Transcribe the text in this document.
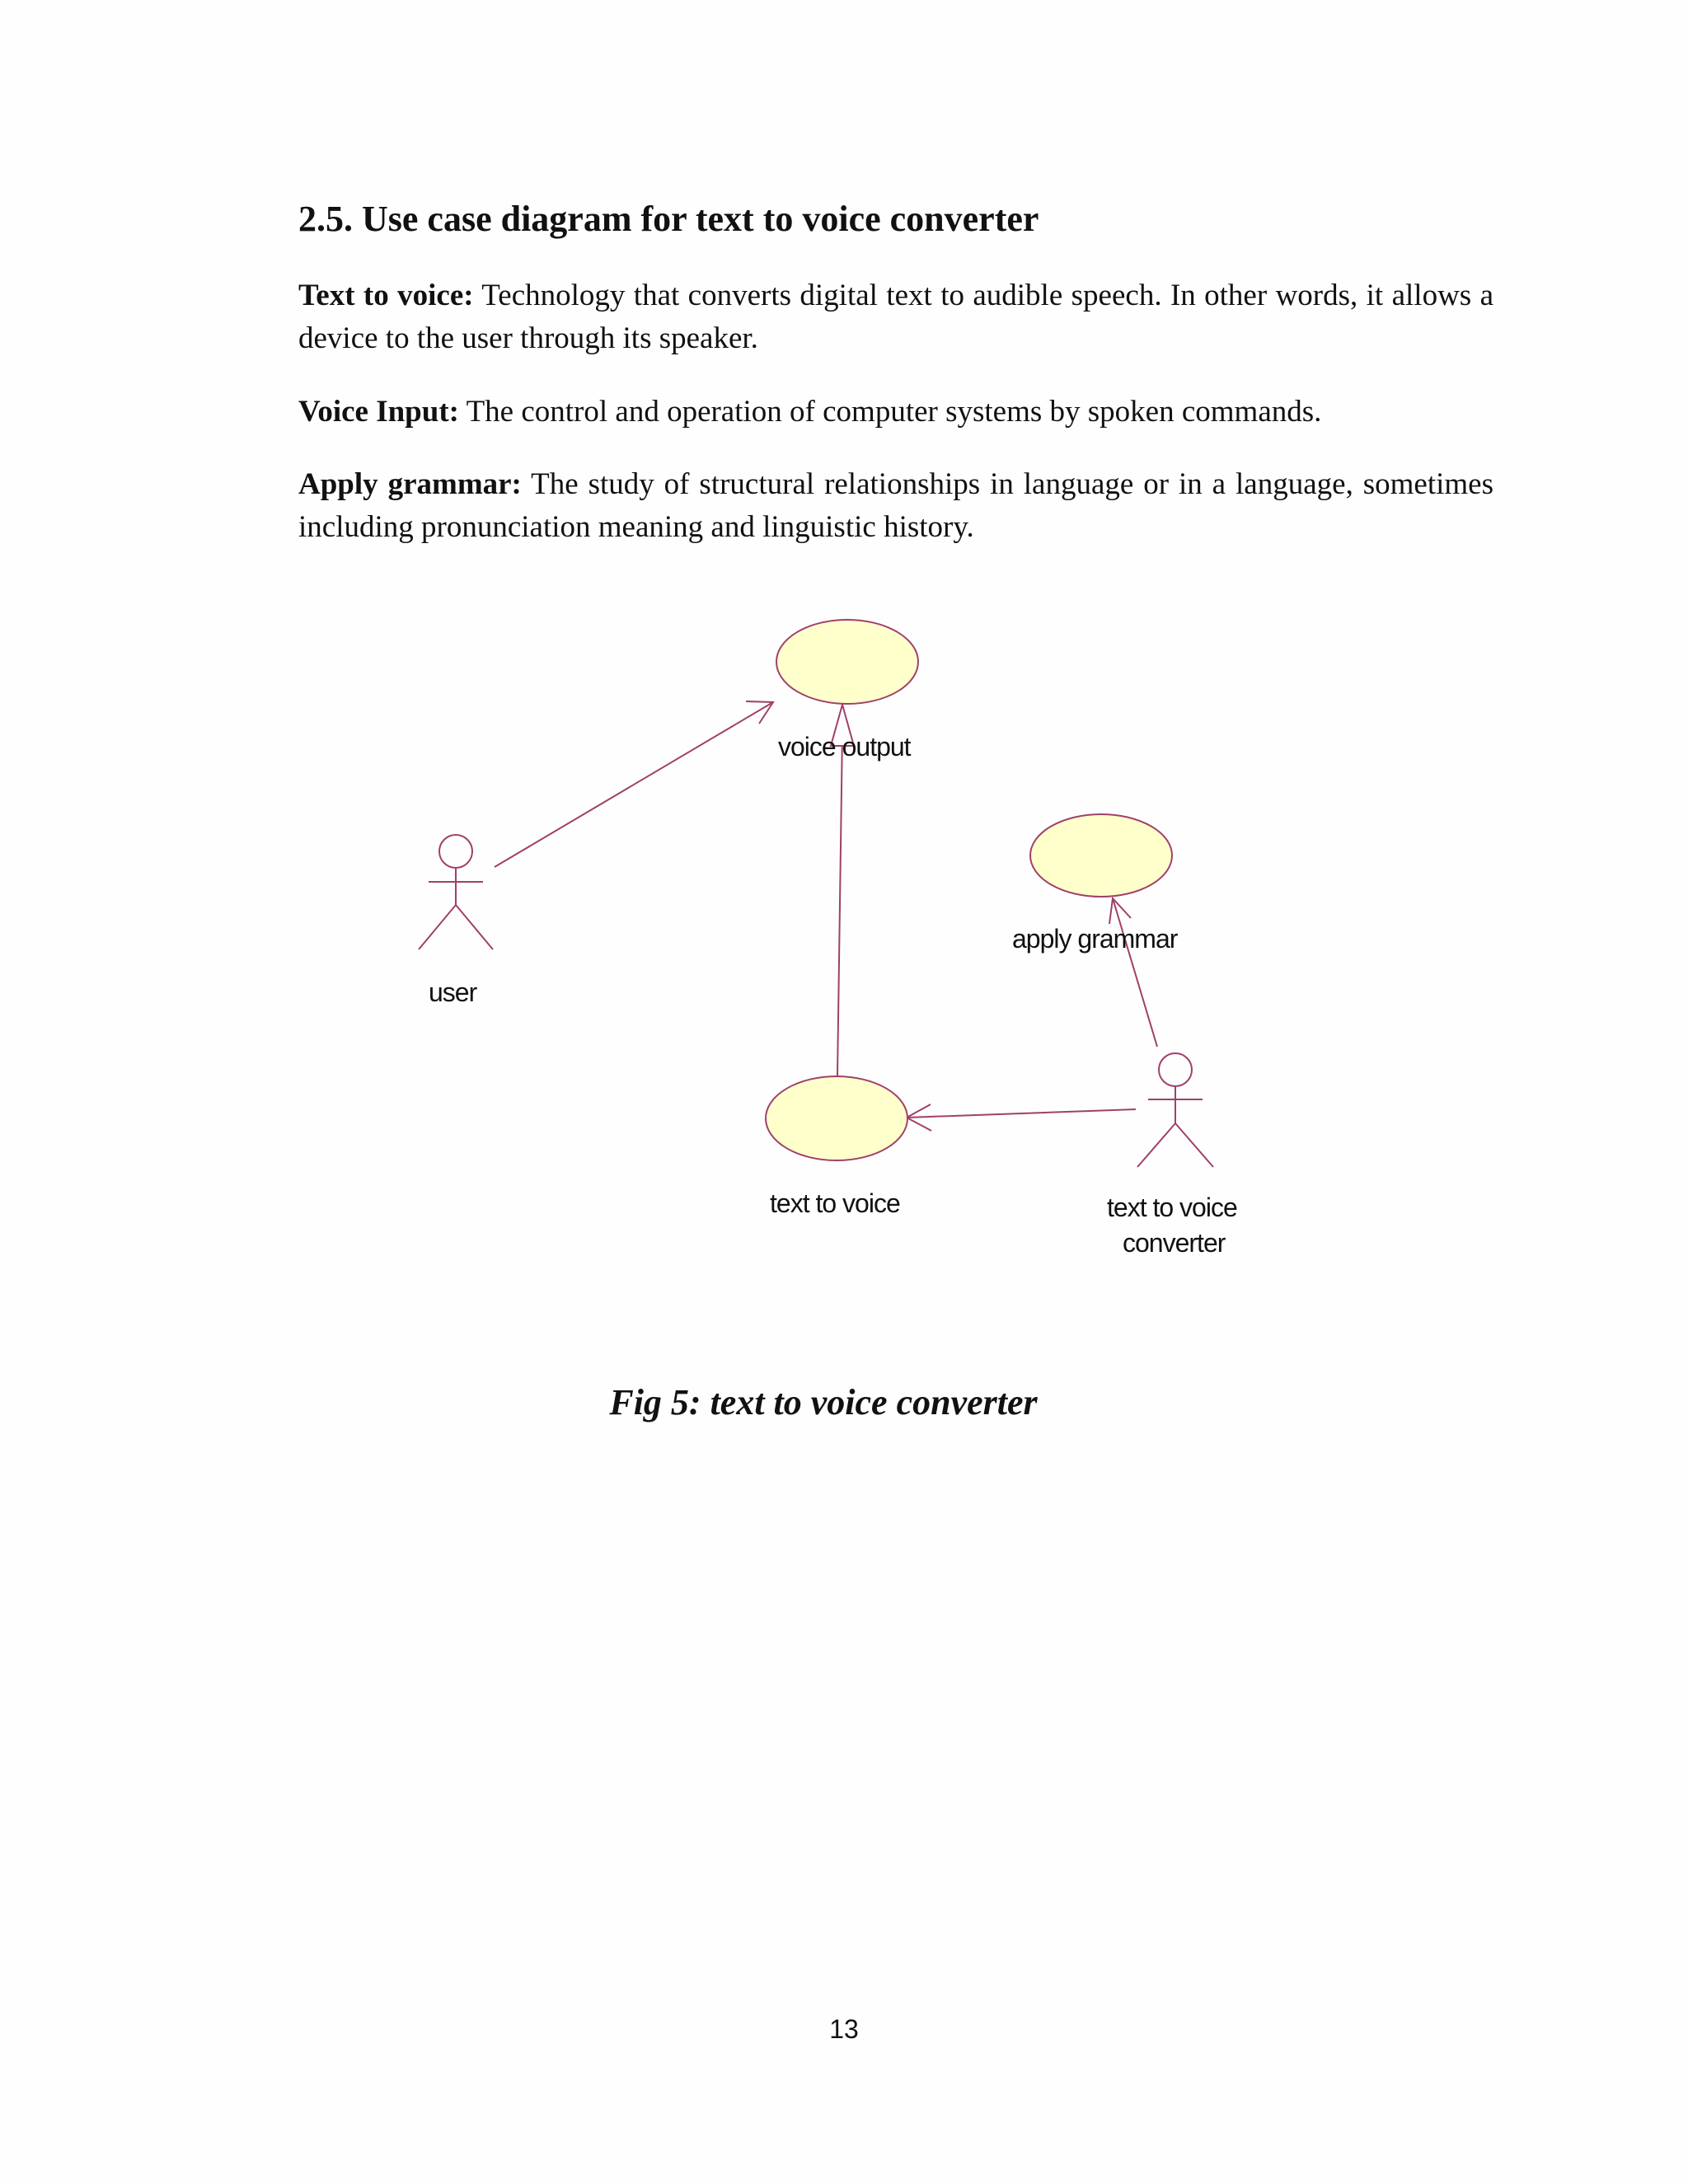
2.5. Use case diagram for text to voice converter

Text to voice: Technology that converts digital text to audible speech. In other words, it allows a device to the user through its speaker.

Voice Input: The control and operation of computer systems by spoken commands.

Apply grammar: The study of structural relationships in language or in a language, sometimes including pronunciation meaning and linguistic history.

voice output
apply grammar
text to voice
user
text to voice
converter

Fig 5: text to voice converter

13
